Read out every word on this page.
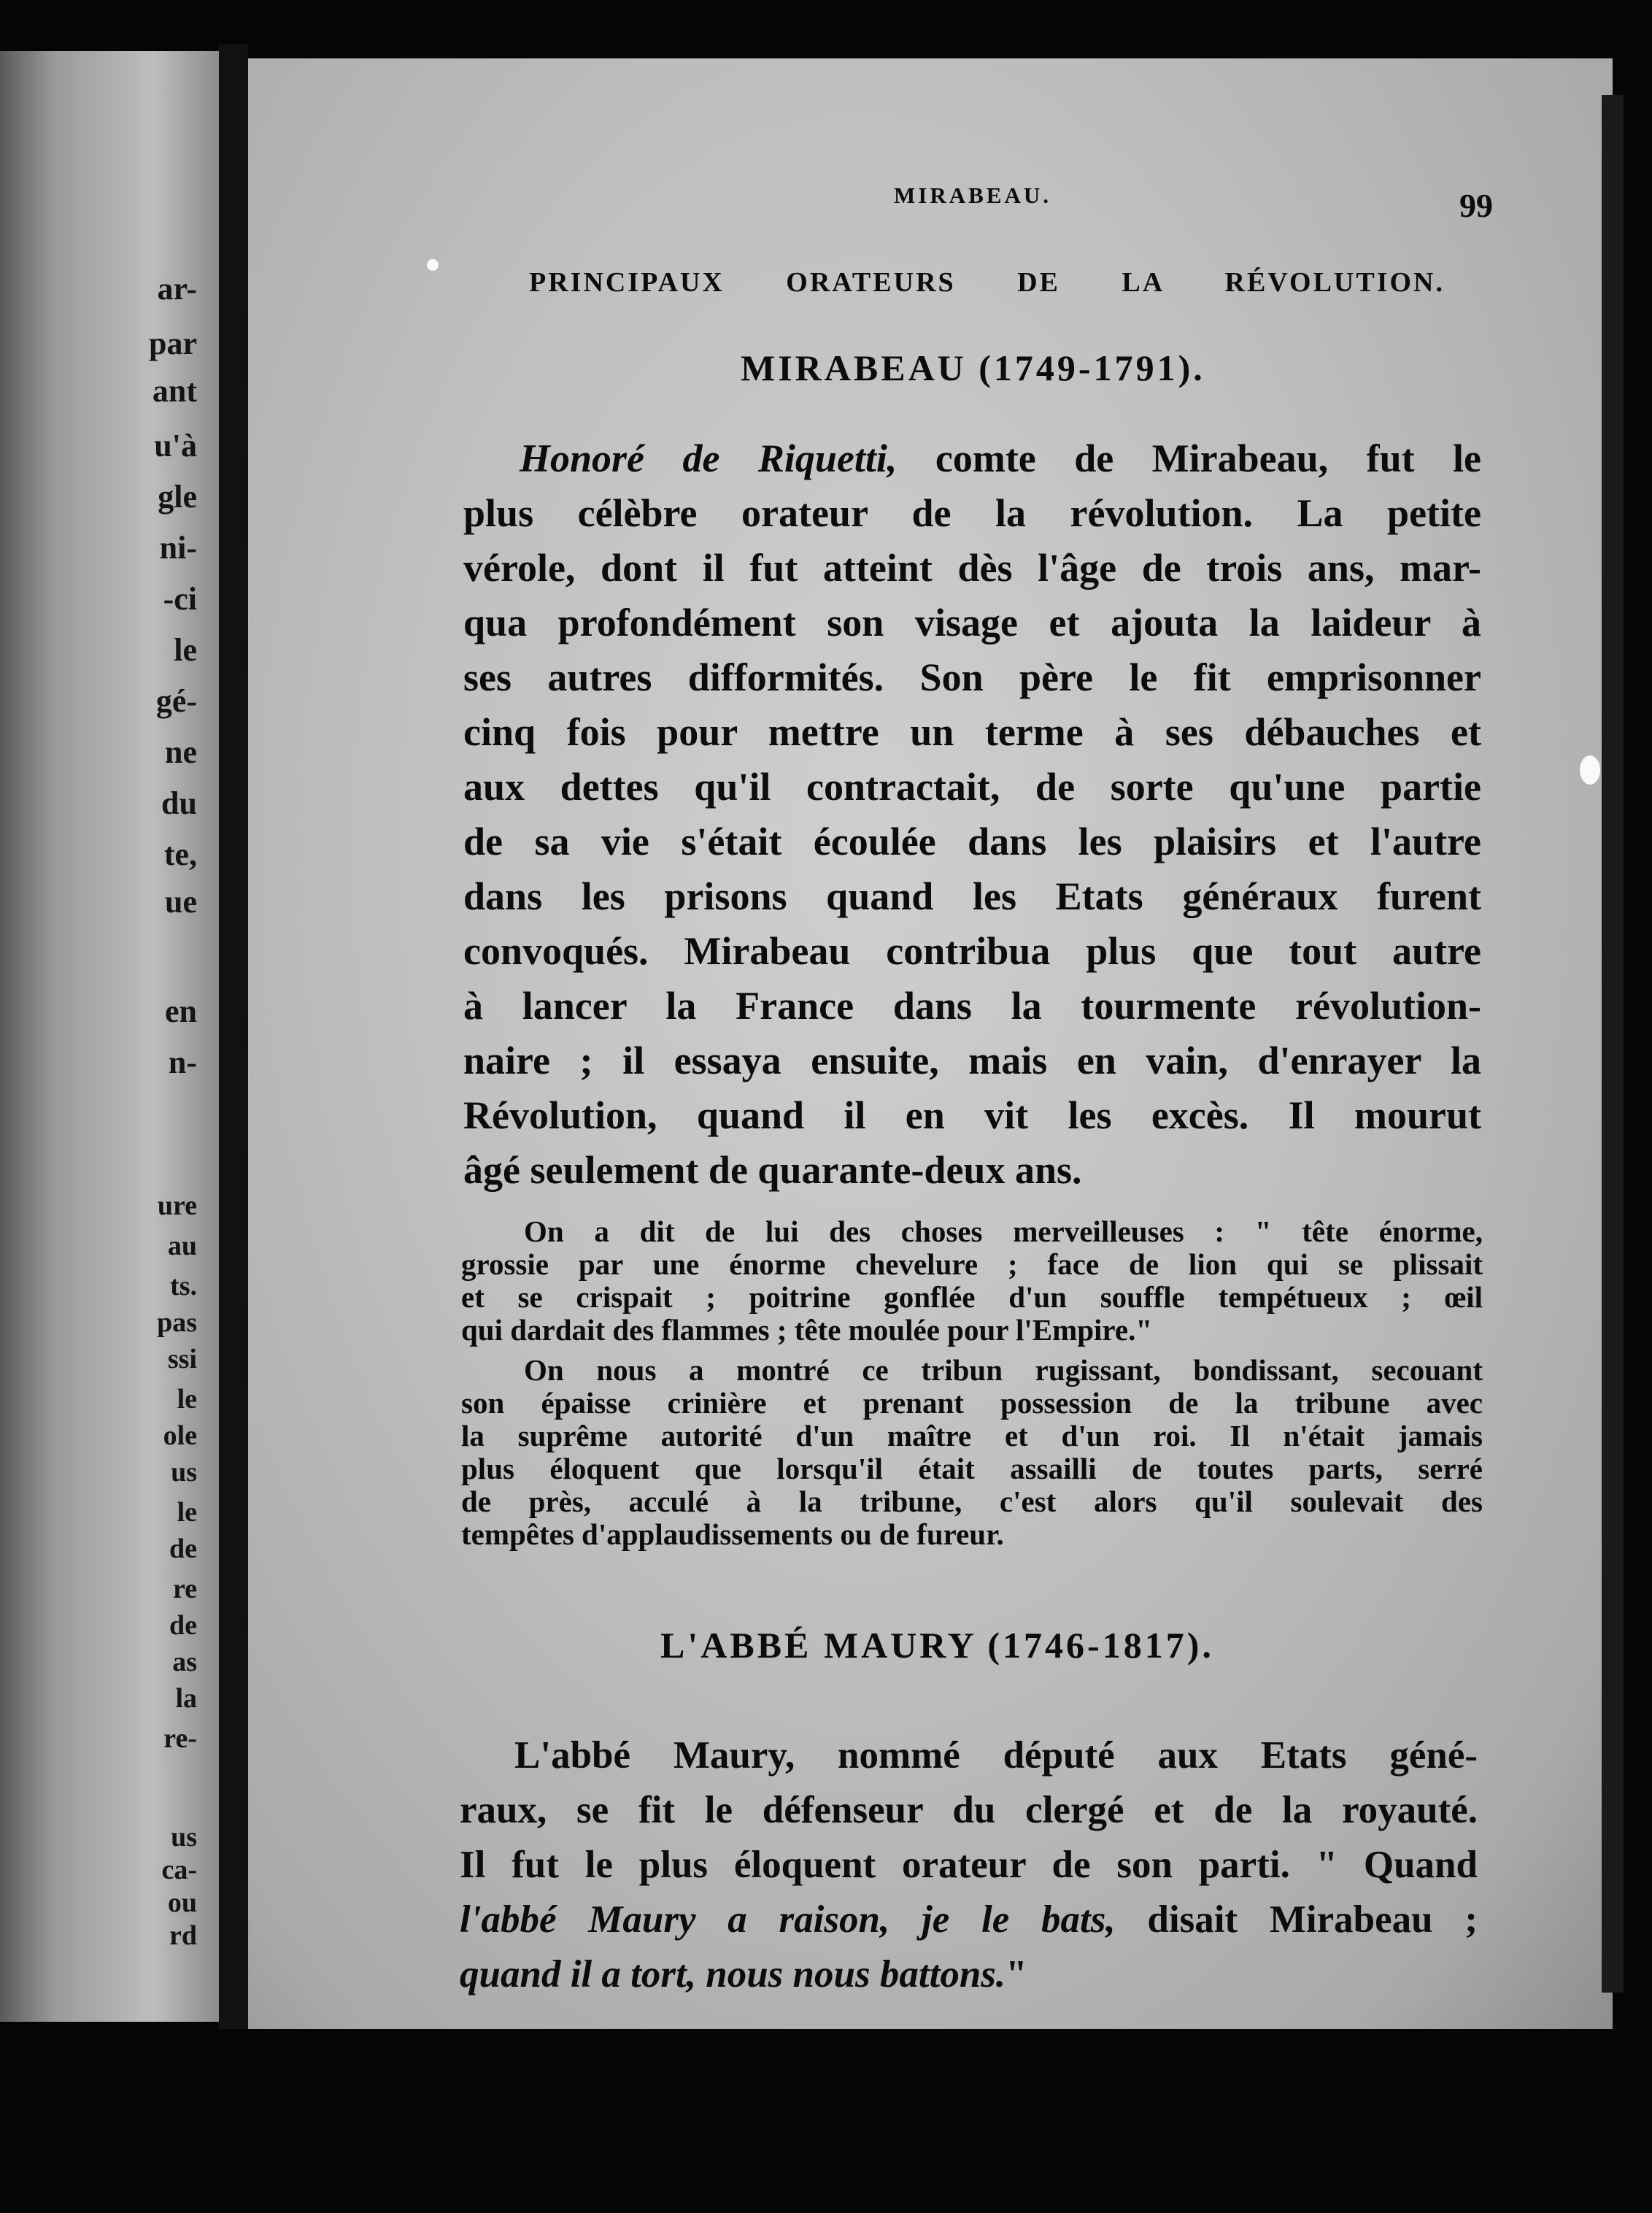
ar-
par
ant
u'à
gle
ni-
-ci
le
gé-
ne
du
te,
ue
en
n-
ure
au
ts.
pas
ssi
le
ole
us
le
de
re
de
as
la
re-
us
ca-
ou
rd
MIRABEAU.	99
PRINCIPAUX ORATEURS DE LA RÉVOLUTION.
MIRABEAU (1749-1791).
Honoré de Riquetti, comte de Mirabeau, fut le
plus célèbre orateur de la révolution. La petite
vérole, dont il fut atteint dès l'âge de trois ans, mar-
qua profondément son visage et ajouta la laideur à
ses autres difformités. Son père le fit emprisonner
cinq fois pour mettre un terme à ses débauches et
aux dettes qu'il contractait, de sorte qu'une partie
de sa vie s'était écoulée dans les plaisirs et l'autre
dans les prisons quand les Etats généraux furent
convoqués. Mirabeau contribua plus que tout autre
à lancer la France dans la tourmente révolution-
naire ; il essaya ensuite, mais en vain, d'enrayer la
Révolution, quand il en vit les excès. Il mourut
âgé seulement de quarante-deux ans.
On a dit de lui des choses merveilleuses : " tête énorme,
grossie par une énorme chevelure ; face de lion qui se plissait
et se crispait ; poitrine gonflée d'un souffle tempétueux ; œil
qui dardait des flammes ; tête moulée pour l'Empire."
On nous a montré ce tribun rugissant, bondissant, secouant
son épaisse crinière et prenant possession de la tribune avec
la suprême autorité d'un maître et d'un roi. Il n'était jamais
plus éloquent que lorsqu'il était assailli de toutes parts, serré
de près, acculé à la tribune, c'est alors qu'il soulevait des
tempêtes d'applaudissements ou de fureur.
L'ABBÉ MAURY (1746-1817).
L'abbé Maury, nommé député aux Etats géné-
raux, se fit le défenseur du clergé et de la royauté.
Il fut le plus éloquent orateur de son parti. " Quand
l'abbé Maury a raison, je le bats, disait Mirabeau ;
quand il a tort, nous nous battons."
